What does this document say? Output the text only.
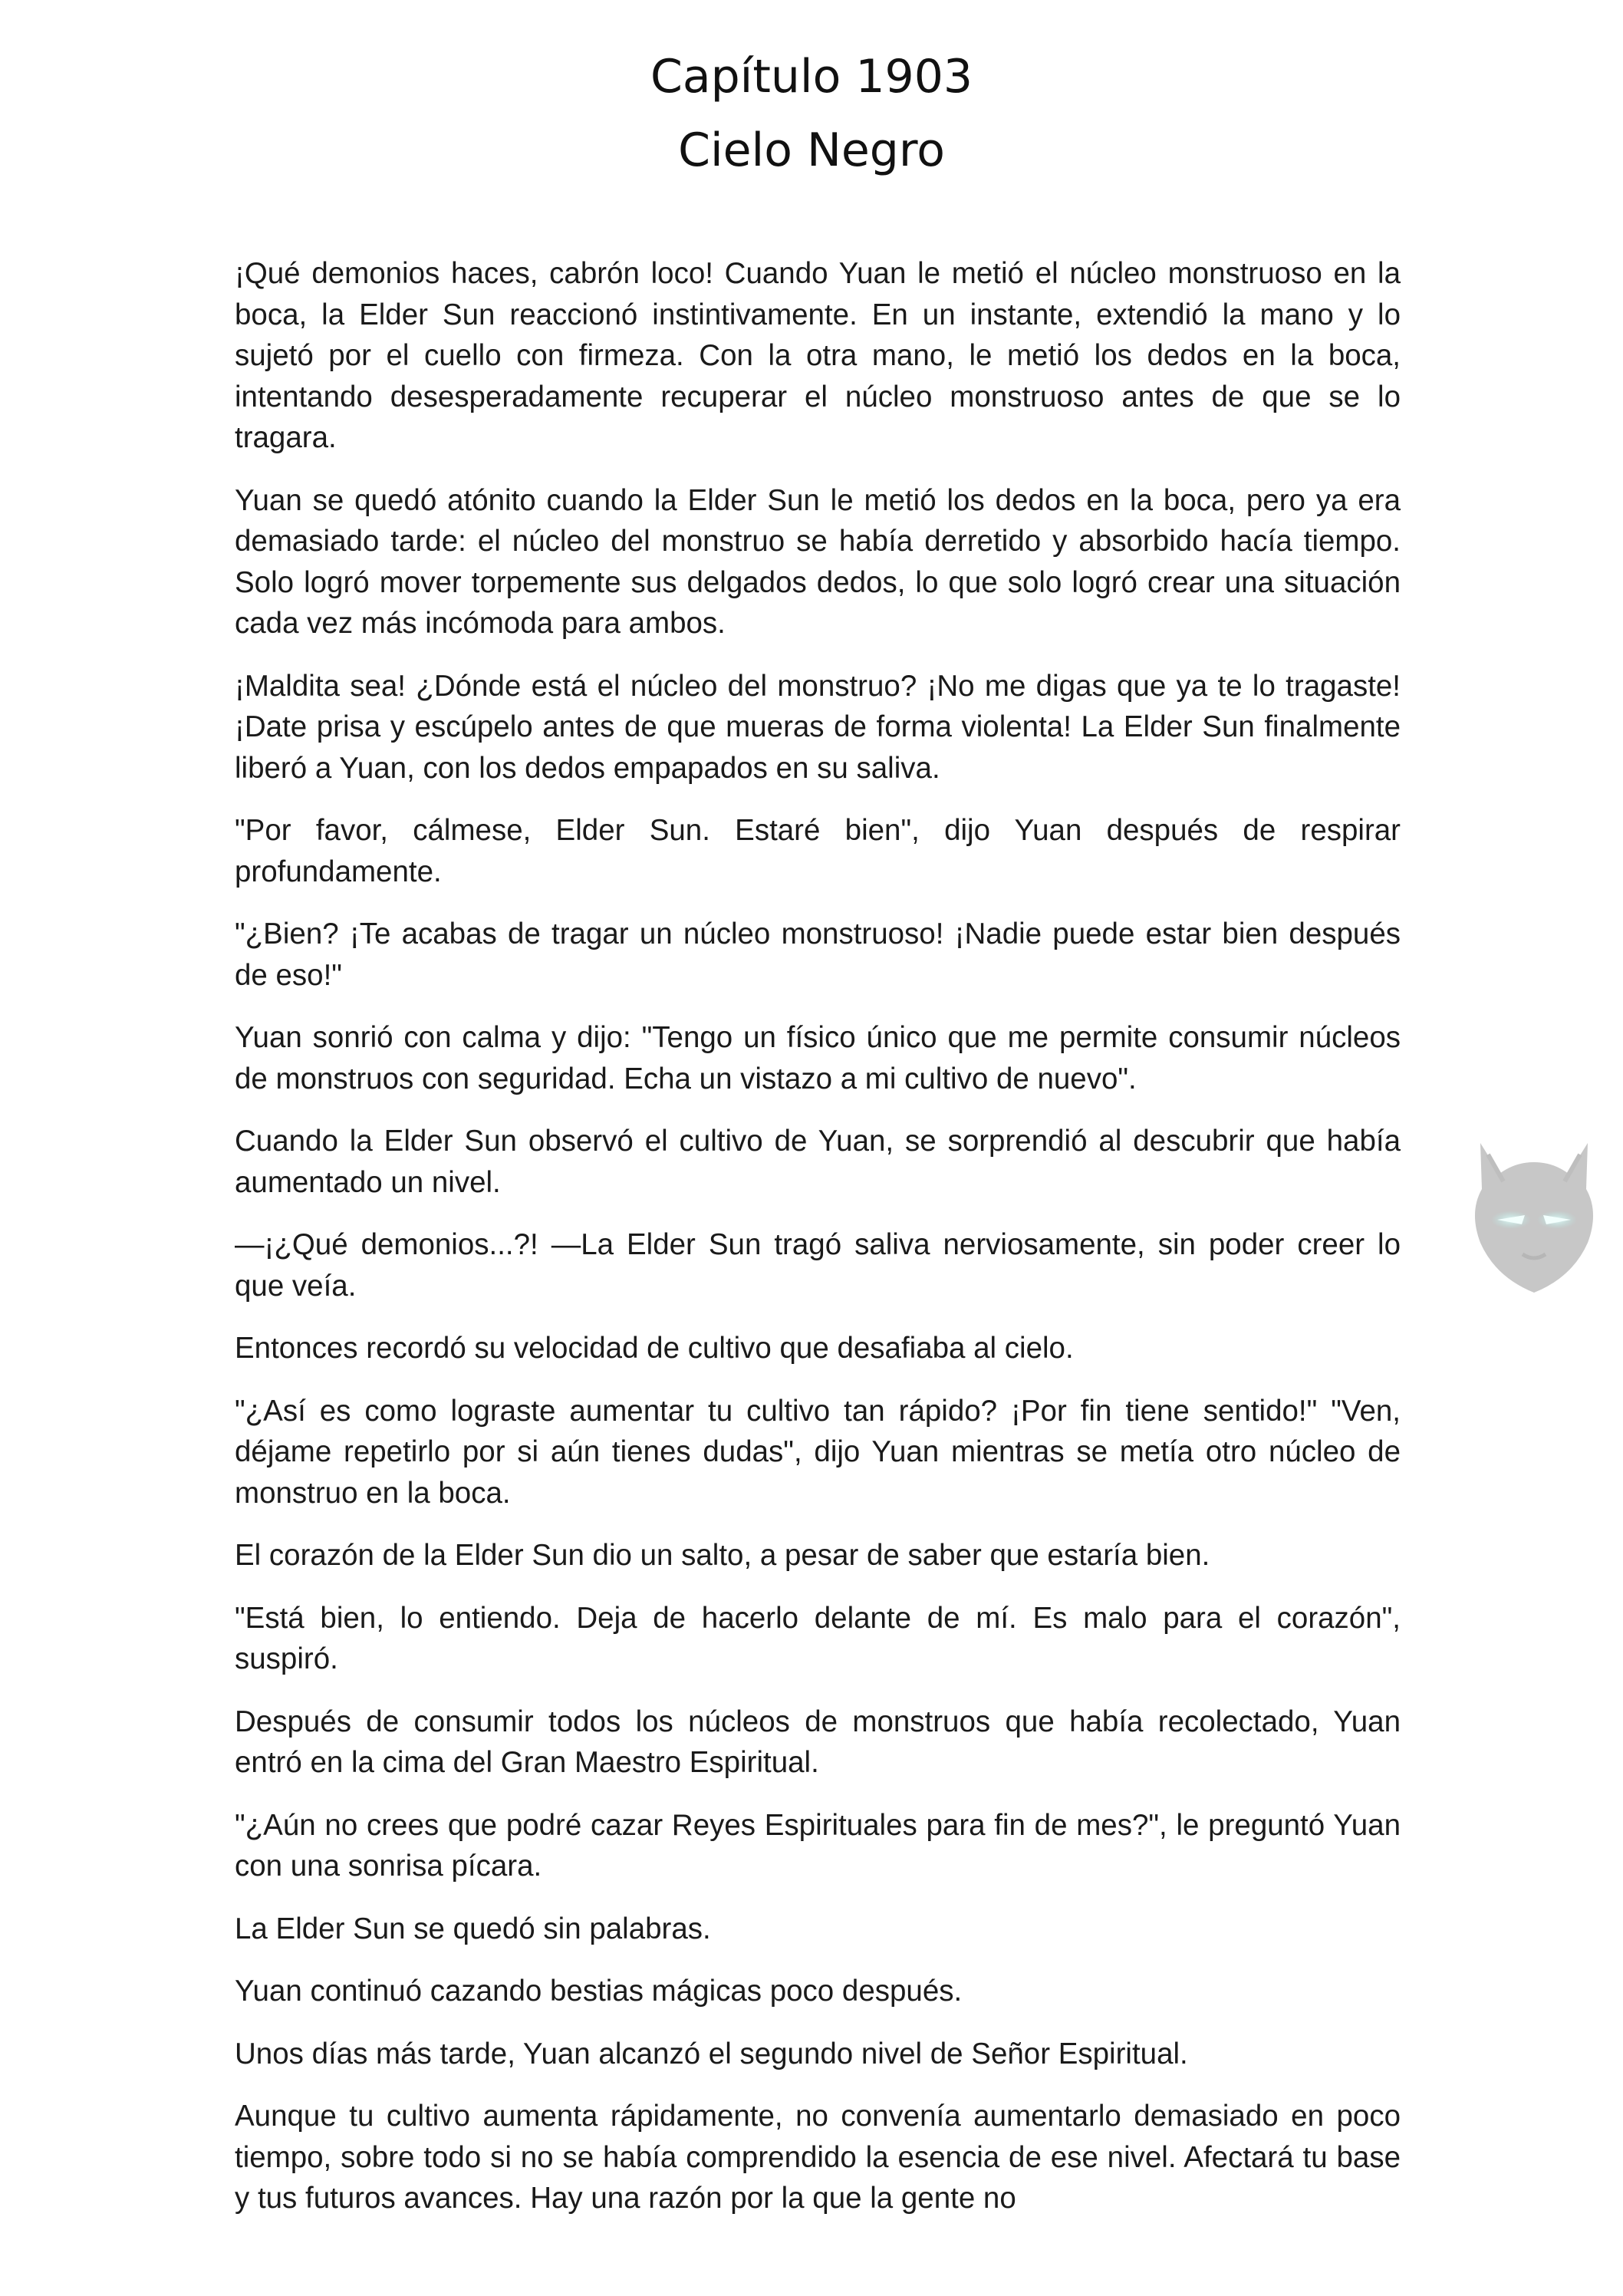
Capítulo 1903
Cielo Negro

¡Qué demonios haces, cabrón loco! Cuando Yuan le metió el núcleo monstruoso en la boca, la Elder Sun reaccionó instintivamente. En un instante, extendió la mano y lo sujetó por el cuello con firmeza. Con la otra mano, le metió los dedos en la boca, intentando desesperadamente recuperar el núcleo monstruoso antes de que se lo tragara.

Yuan se quedó atónito cuando la Elder Sun le metió los dedos en la boca, pero ya era demasiado tarde: el núcleo del monstruo se había derretido y absorbido hacía tiempo. Solo logró mover torpemente sus delgados dedos, lo que solo logró crear una situación cada vez más incómoda para ambos.

¡Maldita sea! ¿Dónde está el núcleo del monstruo? ¡No me digas que ya te lo tragaste! ¡Date prisa y escúpelo antes de que mueras de forma violenta! La Elder Sun finalmente liberó a Yuan, con los dedos empapados en su saliva.

"Por favor, cálmese, Elder Sun. Estaré bien", dijo Yuan después de respirar profundamente.

"¿Bien? ¡Te acabas de tragar un núcleo monstruoso! ¡Nadie puede estar bien después de eso!"

Yuan sonrió con calma y dijo: "Tengo un físico único que me permite consumir núcleos de monstruos con seguridad. Echa un vistazo a mi cultivo de nuevo".

Cuando la Elder Sun observó el cultivo de Yuan, se sorprendió al descubrir que había aumentado un nivel.

—¡¿Qué demonios...?! —La Elder Sun tragó saliva nerviosamente, sin poder creer lo que veía.

Entonces recordó su velocidad de cultivo que desafiaba al cielo.

"¿Así es como lograste aumentar tu cultivo tan rápido? ¡Por fin tiene sentido!" "Ven, déjame repetirlo por si aún tienes dudas", dijo Yuan mientras se metía otro núcleo de monstruo en la boca.

El corazón de la Elder Sun dio un salto, a pesar de saber que estaría bien.

"Está bien, lo entiendo. Deja de hacerlo delante de mí. Es malo para el corazón", suspiró.

Después de consumir todos los núcleos de monstruos que había recolectado, Yuan entró en la cima del Gran Maestro Espiritual.

"¿Aún no crees que podré cazar Reyes Espirituales para fin de mes?", le preguntó Yuan con una sonrisa pícara.

La Elder Sun se quedó sin palabras.

Yuan continuó cazando bestias mágicas poco después.

Unos días más tarde, Yuan alcanzó el segundo nivel de Señor Espiritual.

Aunque tu cultivo aumenta rápidamente, no convenía aumentarlo demasiado en poco tiempo, sobre todo si no se había comprendido la esencia de ese nivel. Afectará tu base y tus futuros avances. Hay una razón por la que la gente no
